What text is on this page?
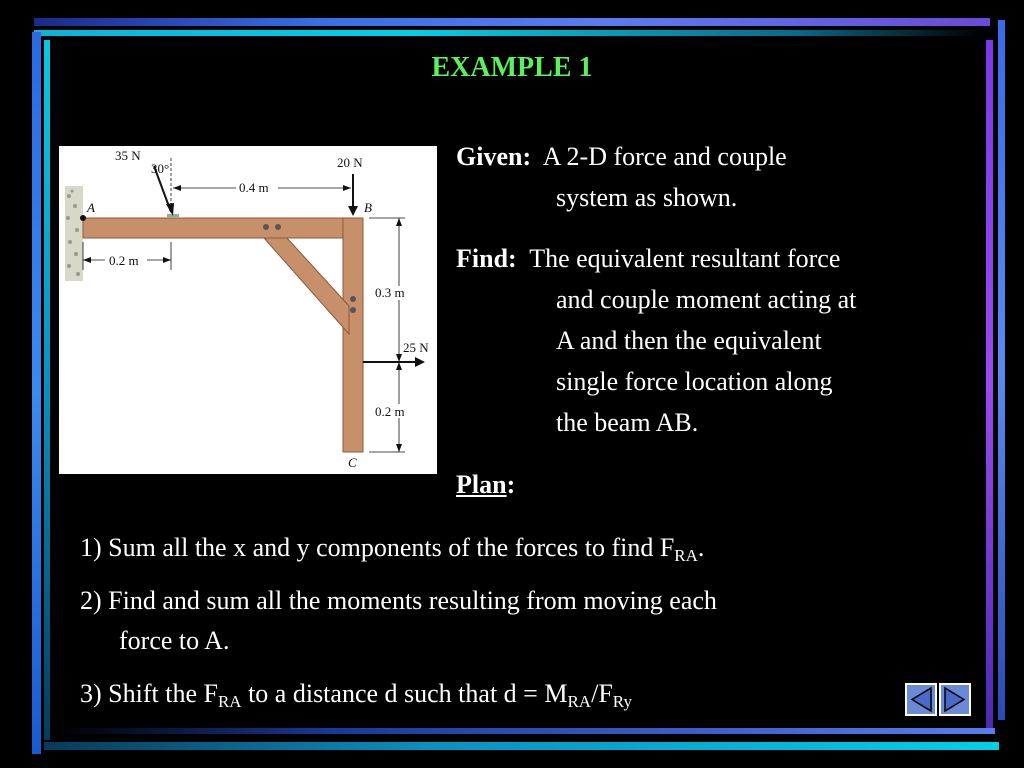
EXAMPLE 1
A
35 N
30°
0.4 m
20 N
B
0.2 m
0.3 m
0.2 m
25 N
C
Given: A 2-D force and couple
system as shown.
Find: The equivalent resultant force
and couple moment acting at
A and then the equivalent
single force location along
the beam AB.
Plan:
1) Sum all the x and y components of the forces to find $F_{RA}$.
2) Find and sum all the moments resulting from moving each
force to A.
3) Shift the $F_{RA}$ to a distance d such that $d = M_{RA}/F_{Ry}$
